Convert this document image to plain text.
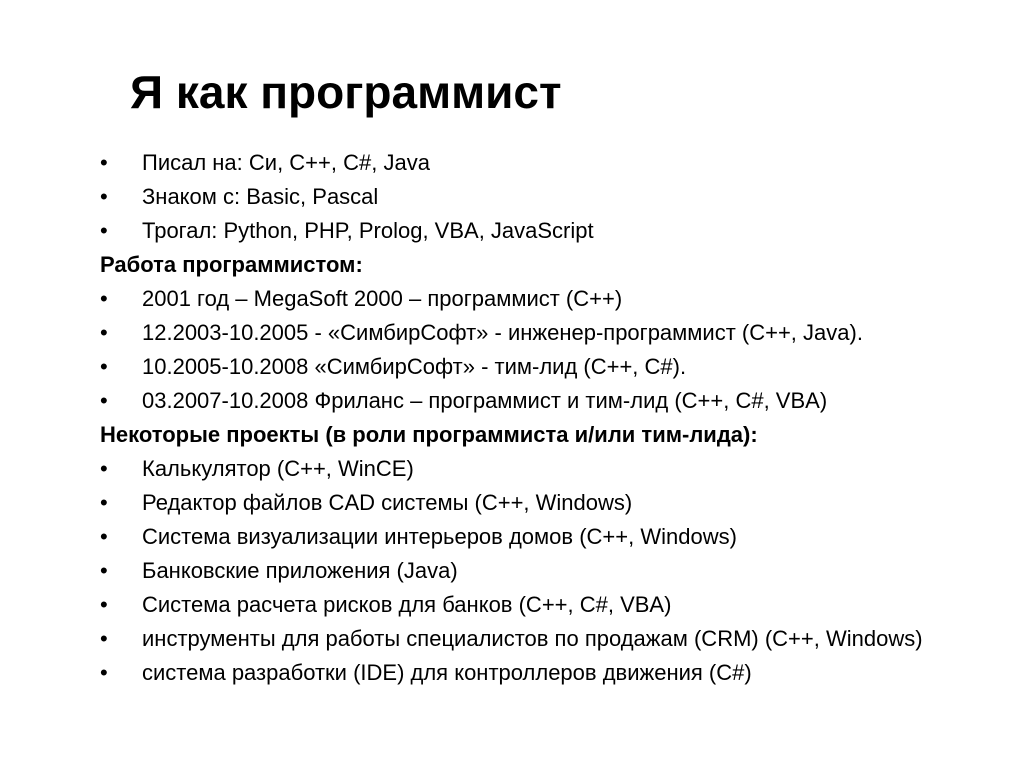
Я как программист
•	Писал на: Си, C++, C#, Java
•	Знаком с: Basic, Pascal
•	Трогал: Python, PHP, Prolog, VBA, JavaScript
Работа программистом:
•	2001 год – MegaSoft 2000 – программист (C++)
•	12.2003-10.2005 - «СимбирСофт» - инженер-программист (C++, Java).
•	10.2005-10.2008 «СимбирСофт» - тим-лид (C++, C#).
•	03.2007-10.2008 Фриланс – программист и тим-лид (C++, C#, VBA)
Некоторые проекты (в роли программиста и/или тим-лида):
•	Калькулятор (C++, WinCE)
•	Редактор файлов CAD системы (C++, Windows)
•	Система визуализации интерьеров домов (C++, Windows)
•	Банковские приложения (Java)
•	Система расчета рисков для банков (C++, C#, VBA)
•	инструменты для работы специалистов по продажам (CRM) (C++, Windows)
•	система разработки (IDE) для контроллеров движения (C#)
